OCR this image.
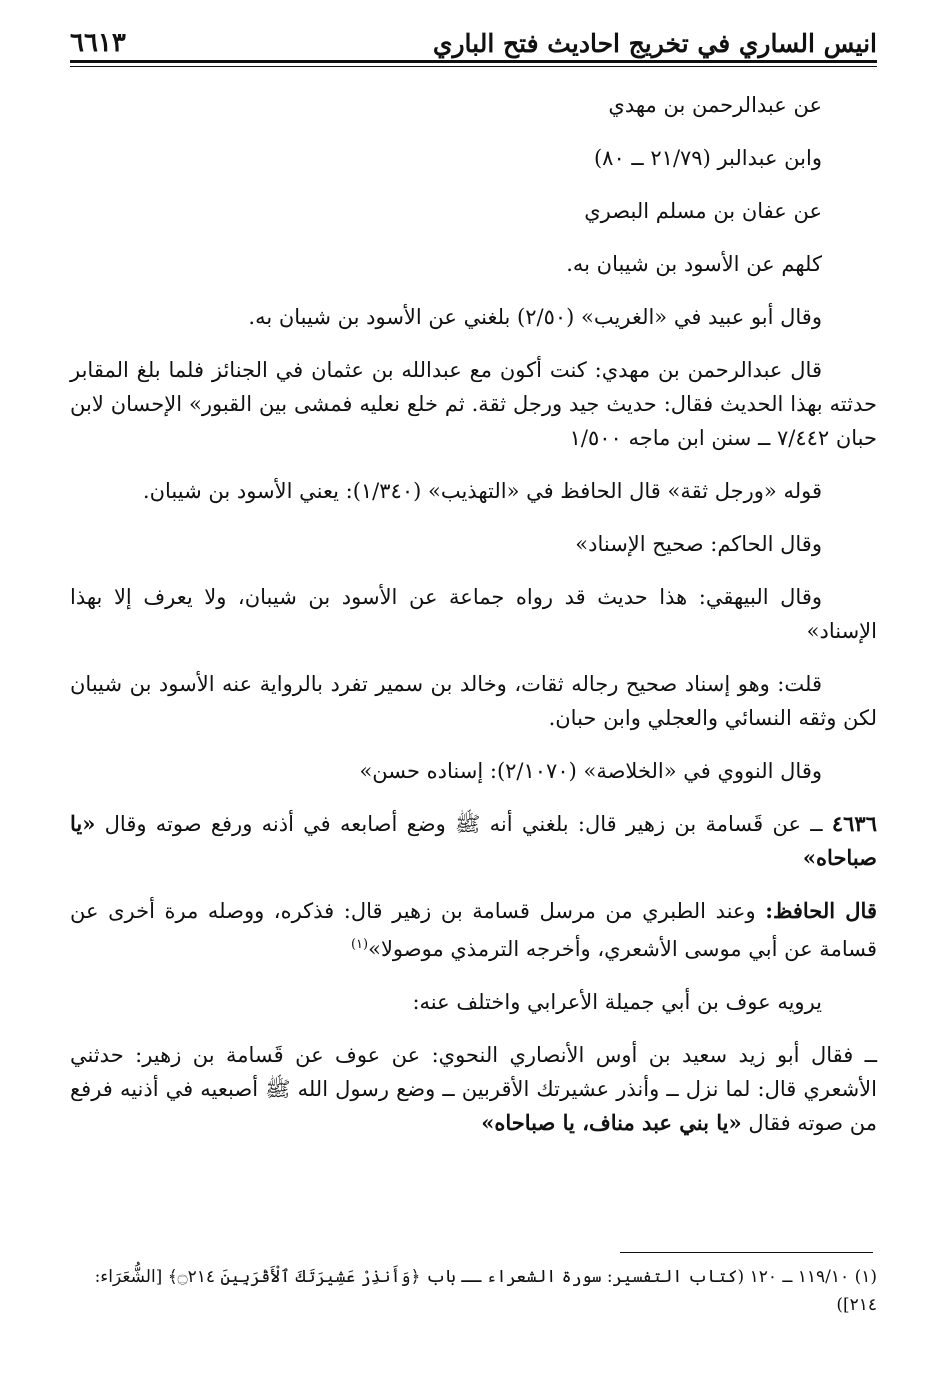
انيس الساري في تخريج احاديث فتح الباري
٦٦١٣

عن عبدالرحمن بن مهدي

وابن عبدالبر (٢١/٧٩ ــ ٨٠)

عن عفان بن مسلم البصري

كلهم عن الأسود بن شيبان به.

وقال أبو عبيد في «الغريب» (٢/٥٠) بلغني عن الأسود بن شيبان به.

قال عبدالرحمن بن مهدي: كنت أكون مع عبدالله بن عثمان في الجنائز فلما بلغ المقابر حدثته بهذا الحديث فقال: حديث جيد ورجل ثقة. ثم خلع نعليه فمشى بين القبور» الإحسان لابن حبان ٧/٤٤٢ ــ سنن ابن ماجه ١/٥٠٠

قوله «ورجل ثقة» قال الحافظ في «التهذيب» (١/٣٤٠): يعني الأسود بن شيبان.

وقال الحاكم: صحيح الإسناد»

وقال البيهقي: هذا حديث قد رواه جماعة عن الأسود بن شيبان، ولا يعرف إلا بهذا الإسناد»

قلت: وهو إسناد صحيح رجاله ثقات، وخالد بن سمير تفرد بالرواية عنه الأسود بن شيبان لكن وثقه النسائي والعجلي وابن حبان.

وقال النووي في «الخلاصة» (٢/١٠٧٠): إسناده حسن»

٤٦٣٦ ــ عن قَسامة بن زهير قال: بلغني أنه ﷺ وضع أصابعه في أذنه ورفع صوته وقال «يا صباحاه»

قال الحافظ: وعند الطبري من مرسل قسامة بن زهير قال: فذكره، ووصله مرة أخرى عن قسامة عن أبي موسى الأشعري، وأخرجه الترمذي موصولا»$^{(١)}$

يرويه عوف بن أبي جميلة الأعرابي واختلف عنه:

ــ فقال أبو زيد سعيد بن أوس الأنصاري النحوي: عن عوف عن قَسامة بن زهير: حدثني الأشعري قال: لما نزل ــ وأنذر عشيرتك الأقربين ــ وضع رسول الله ﷺ أصبعيه في أذنيه فرفع من صوته فقال «يا بني عبد مناف، يا صباحاه»

(١) ١١٩/١٠ ــ ١٢٠ (كتاب التفسير: سورة الشعراء ــ باب ﴿وَأَنذِرْ عَشِيرَتَكَ ٱلْأَقْرَبِينَ ۝٢١٤﴾ [الشُّعَرَاء: ٢١٤])
